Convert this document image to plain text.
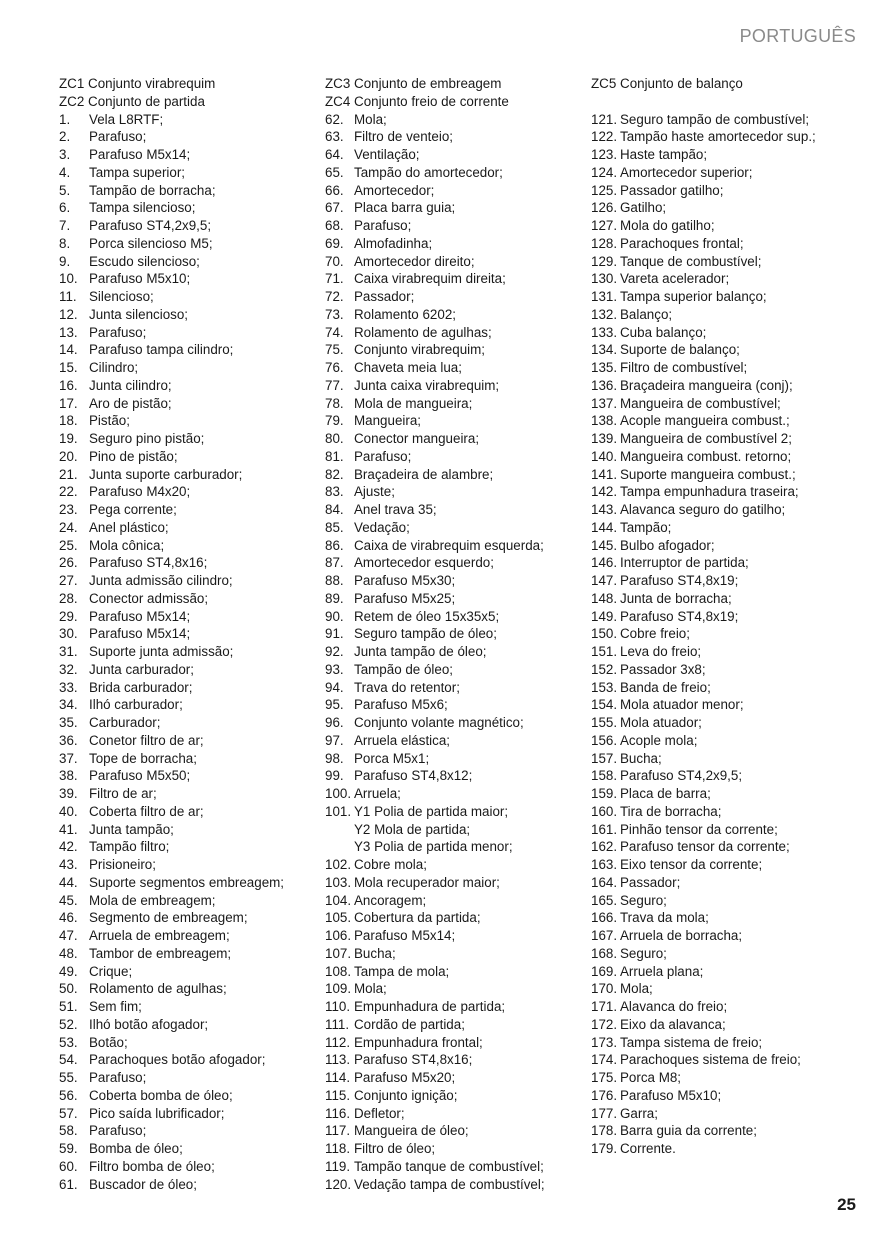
PORTUGUÊS
ZC1 Conjunto virabrequim
ZC2 Conjunto de partida
1.	Vela L8RTF;
2.	Parafuso;
3.	Parafuso M5x14;
4.	Tampa superior;
5.	Tampão de borracha;
6.	Tampa silencioso;
7.	Parafuso ST4,2x9,5;
8.	Porca silencioso M5;
9.	Escudo silencioso;
10. Parafuso M5x10;
11. Silencioso;
12. Junta silencioso;
13. Parafuso;
14. Parafuso tampa cilindro;
15. Cilindro;
16. Junta cilindro;
17. Aro de pistão;
18. Pistão;
19. Seguro pino pistão;
20. Pino de pistão;
21. Junta suporte carburador;
22. Parafuso M4x20;
23. Pega corrente;
24. Anel plástico;
25. Mola cônica;
26. Parafuso ST4,8x16;
27. Junta admissão cilindro;
28. Conector admissão;
29. Parafuso M5x14;
30. Parafuso M5x14;
31. Suporte junta admissão;
32. Junta carburador;
33. Brida carburador;
34. Ilhó carburador;
35. Carburador;
36. Conetor filtro de ar;
37. Tope de borracha;
38. Parafuso M5x50;
39. Filtro de ar;
40. Coberta filtro de ar;
41. Junta tampão;
42. Tampão filtro;
43. Prisioneiro;
44. Suporte segmentos embreagem;
45. Mola de embreagem;
46. Segmento de embreagem;
47. Arruela de embreagem;
48. Tambor de embreagem;
49. Crique;
50. Rolamento de agulhas;
51. Sem fim;
52. Ilhó botão afogador;
53. Botão;
54. Parachoques botão afogador;
55. Parafuso;
56. Coberta bomba de óleo;
57. Pico saída lubrificador;
58. Parafuso;
59. Bomba de óleo;
60. Filtro bomba de óleo;
61. Buscador de óleo;
ZC3 Conjunto de embreagem
ZC4 Conjunto freio de corrente
62. Mola;
63. Filtro de venteio;
64. Ventilação;
65. Tampão do amortecedor;
66. Amortecedor;
67. Placa barra guia;
68. Parafuso;
69. Almofadinha;
70. Amortecedor direito;
71. Caixa virabrequim direita;
72. Passador;
73. Rolamento 6202;
74. Rolamento de agulhas;
75. Conjunto virabrequim;
76. Chaveta meia lua;
77. Junta caixa virabrequim;
78. Mola de mangueira;
79. Mangueira;
80. Conector mangueira;
81. Parafuso;
82. Braçadeira de alambre;
83. Ajuste;
84. Anel trava 35;
85. Vedação;
86. Caixa de virabrequim esquerda;
87. Amortecedor esquerdo;
88. Parafuso M5x30;
89. Parafuso M5x25;
90. Retem de óleo 15x35x5;
91. Seguro tampão de óleo;
92. Junta tampão de óleo;
93. Tampão de óleo;
94. Trava do retentor;
95. Parafuso M5x6;
96. Conjunto volante magnético;
97. Arruela elástica;
98. Porca M5x1;
99. Parafuso ST4,8x12;
100. Arruela;
101. Y1 Polia de partida maior;
Y2 Mola de partida;
Y3 Polia de partida menor;
102. Cobre mola;
103. Mola recuperador maior;
104. Ancoragem;
105. Cobertura da partida;
106. Parafuso M5x14;
107. Bucha;
108. Tampa de mola;
109. Mola;
110. Empunhadura de partida;
111. Cordão de partida;
112. Empunhadura frontal;
113. Parafuso ST4,8x16;
114. Parafuso M5x20;
115. Conjunto ignição;
116. Defletor;
117. Mangueira de óleo;
118. Filtro de óleo;
119. Tampão tanque de combustível;
120. Vedação tampa de combustível;
ZC5 Conjunto de balanço
121. Seguro tampão de combustível;
122. Tampão haste amortecedor sup.;
123. Haste tampão;
124. Amortecedor superior;
125. Passador gatilho;
126. Gatilho;
127. Mola do gatilho;
128. Parachoques frontal;
129. Tanque de combustível;
130. Vareta acelerador;
131. Tampa superior balanço;
132. Balanço;
133. Cuba balanço;
134. Suporte de balanço;
135. Filtro de combustível;
136. Braçadeira mangueira (conj);
137. Mangueira de combustível;
138. Acople mangueira combust.;
139. Mangueira de combustível 2;
140. Mangueira combust. retorno;
141. Suporte mangueira combust.;
142. Tampa empunhadura traseira;
143. Alavanca seguro do gatilho;
144. Tampão;
145. Bulbo afogador;
146. Interruptor de partida;
147. Parafuso ST4,8x19;
148. Junta de borracha;
149. Parafuso ST4,8x19;
150. Cobre freio;
151. Leva do freio;
152. Passador 3x8;
153. Banda de freio;
154. Mola atuador menor;
155. Mola atuador;
156. Acople mola;
157. Bucha;
158. Parafuso ST4,2x9,5;
159. Placa de barra;
160. Tira de borracha;
161. Pinhão tensor da corrente;
162. Parafuso tensor da corrente;
163. Eixo tensor da corrente;
164. Passador;
165. Seguro;
166. Trava da mola;
167. Arruela de borracha;
168. Seguro;
169. Arruela plana;
170. Mola;
171. Alavanca do freio;
172. Eixo da alavanca;
173. Tampa sistema de freio;
174. Parachoques sistema de freio;
175. Porca M8;
176. Parafuso M5x10;
177. Garra;
178. Barra guia da corrente;
179. Corrente.
25
